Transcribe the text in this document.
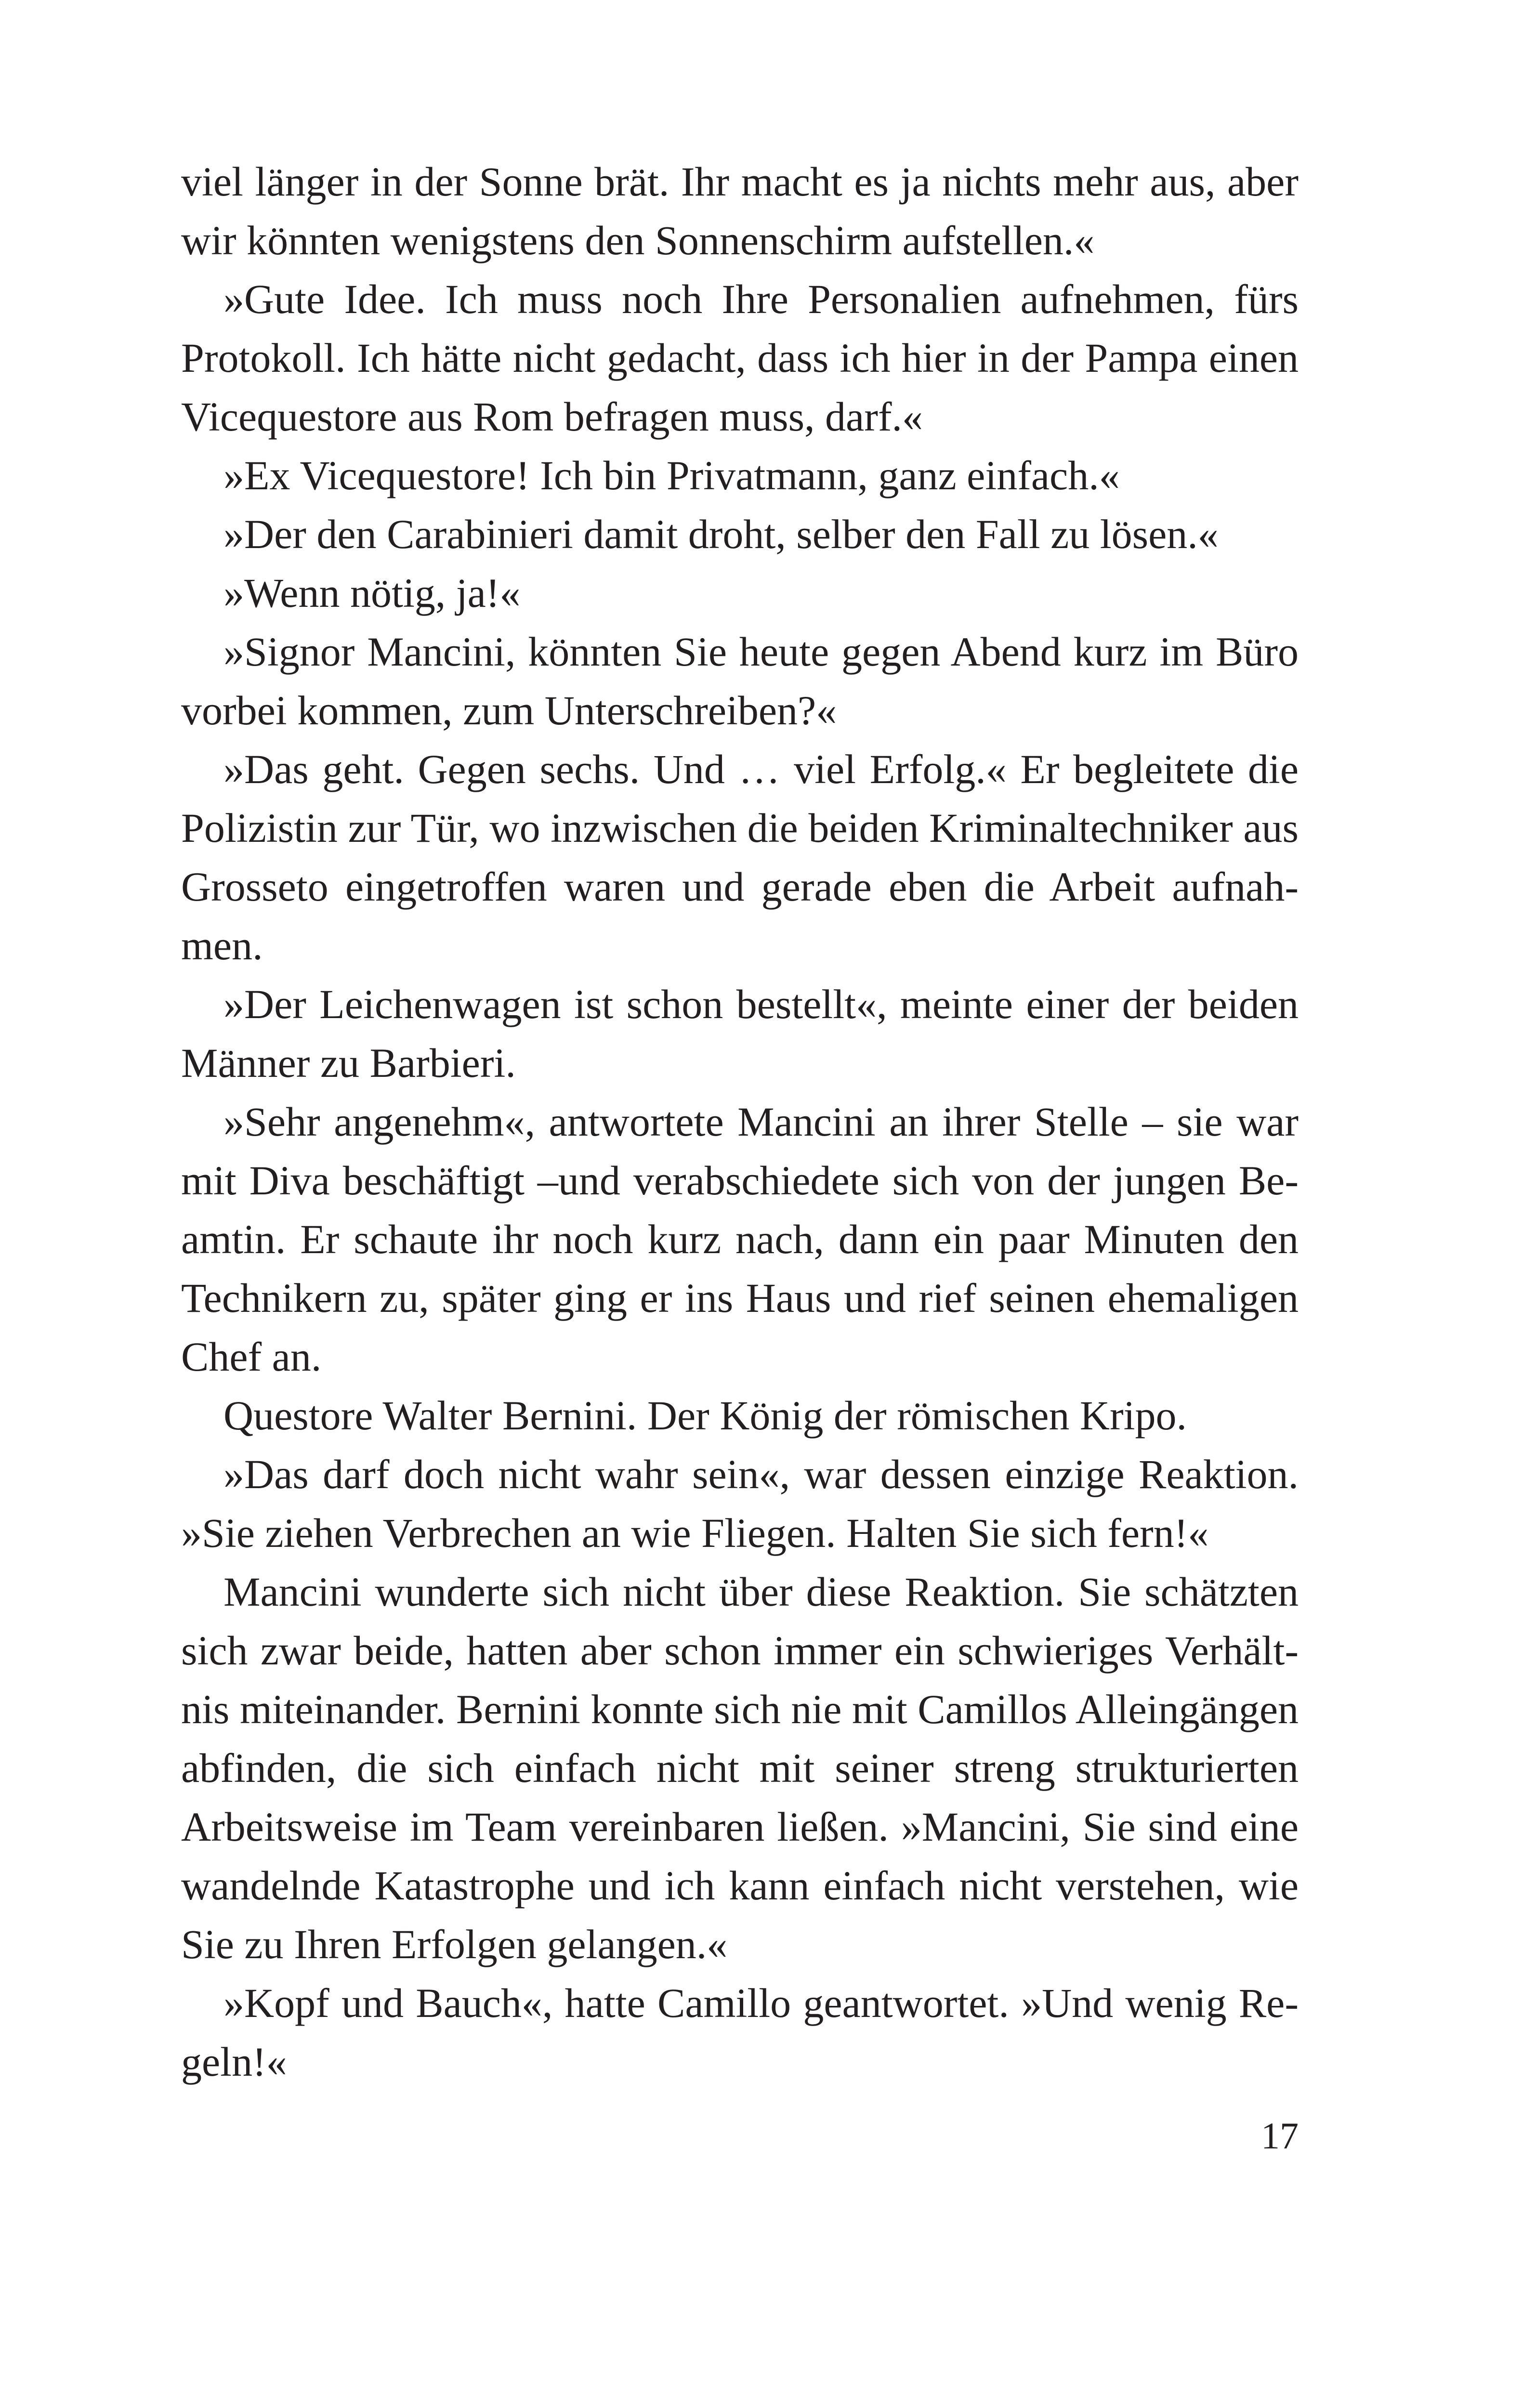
viel länger in der Sonne brät. Ihr macht es ja nichts mehr aus, aber wir könnten wenigstens den Sonnenschirm aufstellen.«

»Gute Idee. Ich muss noch Ihre Personalien aufnehmen, fürs Protokoll. Ich hätte nicht gedacht, dass ich hier in der Pampa einen Vicequestore aus Rom befragen muss, darf.«

»Ex Vicequestore! Ich bin Privatmann, ganz einfach.«

»Der den Carabinieri damit droht, selber den Fall zu lösen.«

»Wenn nötig, ja!«

»Signor Mancini, könnten Sie heute gegen Abend kurz im Büro vorbei kommen, zum Unterschreiben?«

»Das geht. Gegen sechs. Und … viel Erfolg.« Er begleitete die Polizistin zur Tür, wo inzwischen die beiden Kriminaltechniker aus Grosseto eingetroffen waren und gerade eben die Arbeit aufnahmen.

»Der Leichenwagen ist schon bestellt«, meinte einer der beiden Männer zu Barbieri.

»Sehr angenehm«, antwortete Mancini an ihrer Stelle – sie war mit Diva beschäftigt –und verabschiedete sich von der jungen Beamtin. Er schaute ihr noch kurz nach, dann ein paar Minuten den Technikern zu, später ging er ins Haus und rief seinen ehemaligen Chef an.

Questore Walter Bernini. Der König der römischen Kripo.

»Das darf doch nicht wahr sein«, war dessen einzige Reaktion. »Sie ziehen Verbrechen an wie Fliegen. Halten Sie sich fern!«

Mancini wunderte sich nicht über diese Reaktion. Sie schätzten sich zwar beide, hatten aber schon immer ein schwieriges Verhältnis miteinander. Bernini konnte sich nie mit Camillos Alleingängen abfinden, die sich einfach nicht mit seiner streng strukturierten Arbeitsweise im Team vereinbaren ließen. »Mancini, Sie sind eine wandelnde Katastrophe und ich kann einfach nicht verstehen, wie Sie zu Ihren Erfolgen gelangen.«

»Kopf und Bauch«, hatte Camillo geantwortet. »Und wenig Regeln!«

17
